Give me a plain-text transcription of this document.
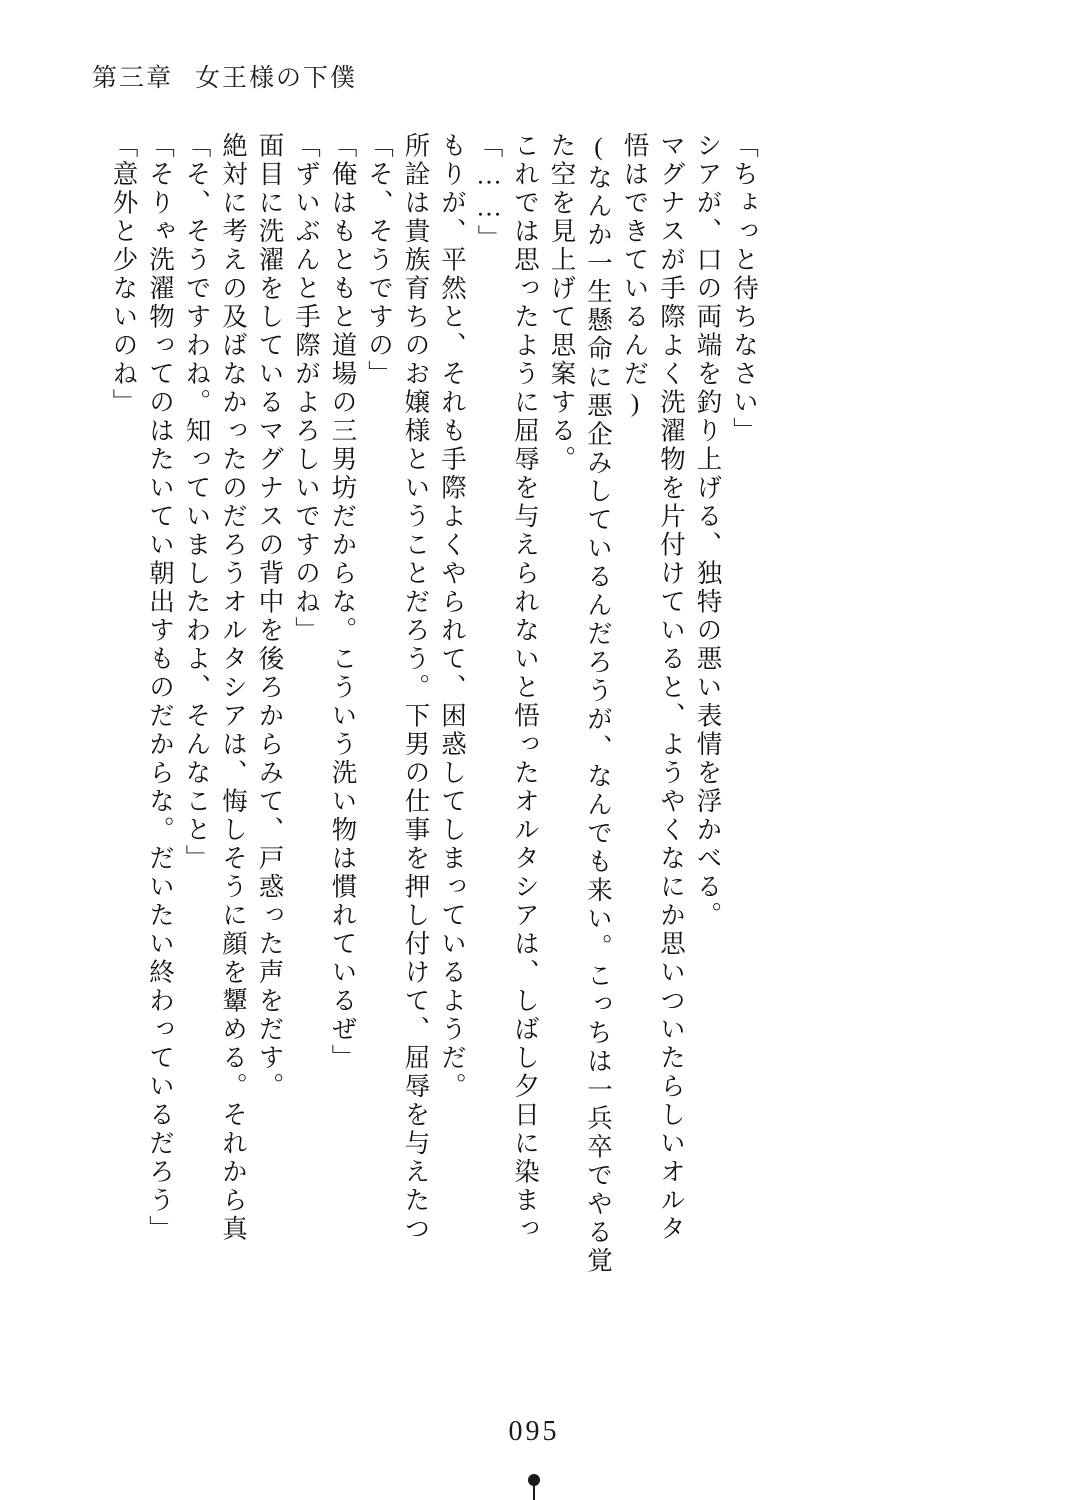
第三章 女王様の下僕
「意外と少ないのね」 「そりゃ洗濯物ってのはたいてい朝出すものだからな。だいたい終わっているだろう」 「そ、そうですわね。知っていましたわよ、そんなこと」 絶対に考えの及ばなかったのだろうオルタシアは、悔しそうに顔を顰める。それから真 面目に洗濯をしているマグナスの背中を後ろからみて、戸惑った声をだす。 「ずいぶんと手際がよろしいですのね」 「俺はもともと道場の三男坊だからな。こういう洗い物は慣れているぜ」 「そ、そうですの」 所詮は貴族育ちのお嬢様ということだろう。下男の仕事を押し付けて、屈辱を与えたつ もりが、平然と、それも手際よくやられて、困惑してしまっているようだ。 「……」 これでは思ったように屈辱を与えられないと悟ったオルタシアは、しばし夕日に染まっ た空を見上げて思案する。 (なんか一生懸命に悪企みしているんだろうが、なんでも来い。こっちは一兵卒でやる覚 悟はできているんだ) マグナスが手際よく洗濯物を片付けていると、ようやくなにか思いついたらしいオルタ シアが、口の両端を釣り上げる、独特の悪い表情を浮かべる。 「ちょっと待ちなさい」
095
